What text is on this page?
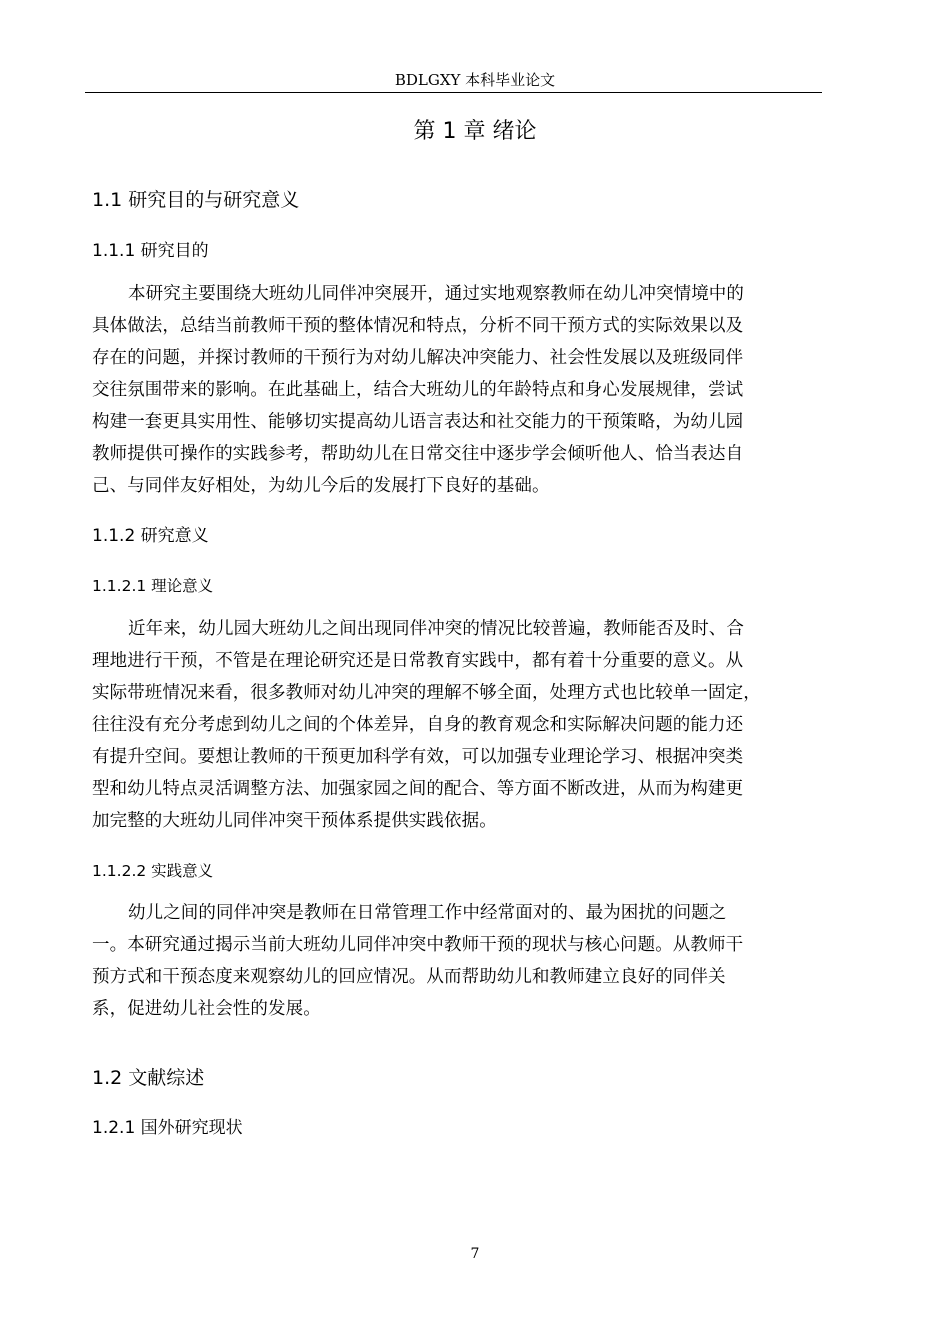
BDLGXY 本科毕业论文
第 1 章 绪论
1.1 研究目的与研究意义
1.1.1 研究目的
本研究主要围绕大班幼儿同伴冲突展开，通过实地观察教师在幼儿冲突情境中的
具体做法，总结当前教师干预的整体情况和特点，分析不同干预方式的实际效果以及
存在的问题，并探讨教师的干预行为对幼儿解决冲突能力、社会性发展以及班级同伴
交往氛围带来的影响。在此基础上，结合大班幼儿的年龄特点和身心发展规律，尝试
构建一套更具实用性、能够切实提高幼儿语言表达和社交能力的干预策略，为幼儿园
教师提供可操作的实践参考，帮助幼儿在日常交往中逐步学会倾听他人、恰当表达自
己、与同伴友好相处，为幼儿今后的发展打下良好的基础。
1.1.2 研究意义
1.1.2.1 理论意义
近年来，幼儿园大班幼儿之间出现同伴冲突的情况比较普遍，教师能否及时、合
理地进行干预，不管是在理论研究还是日常教育实践中，都有着十分重要的意义。从
实际带班情况来看，很多教师对幼儿冲突的理解不够全面，处理方式也比较单一固定，
往往没有充分考虑到幼儿之间的个体差异，自身的教育观念和实际解决问题的能力还
有提升空间。要想让教师的干预更加科学有效，可以加强专业理论学习、根据冲突类
型和幼儿特点灵活调整方法、加强家园之间的配合、等方面不断改进，从而为构建更
加完整的大班幼儿同伴冲突干预体系提供实践依据。
1.1.2.2 实践意义
幼儿之间的同伴冲突是教师在日常管理工作中经常面对的、最为困扰的问题之
一。本研究通过揭示当前大班幼儿同伴冲突中教师干预的现状与核心问题。从教师干
预方式和干预态度来观察幼儿的回应情况。从而帮助幼儿和教师建立良好的同伴关
系，促进幼儿社会性的发展。
1.2 文献综述
1.2.1 国外研究现状
7
